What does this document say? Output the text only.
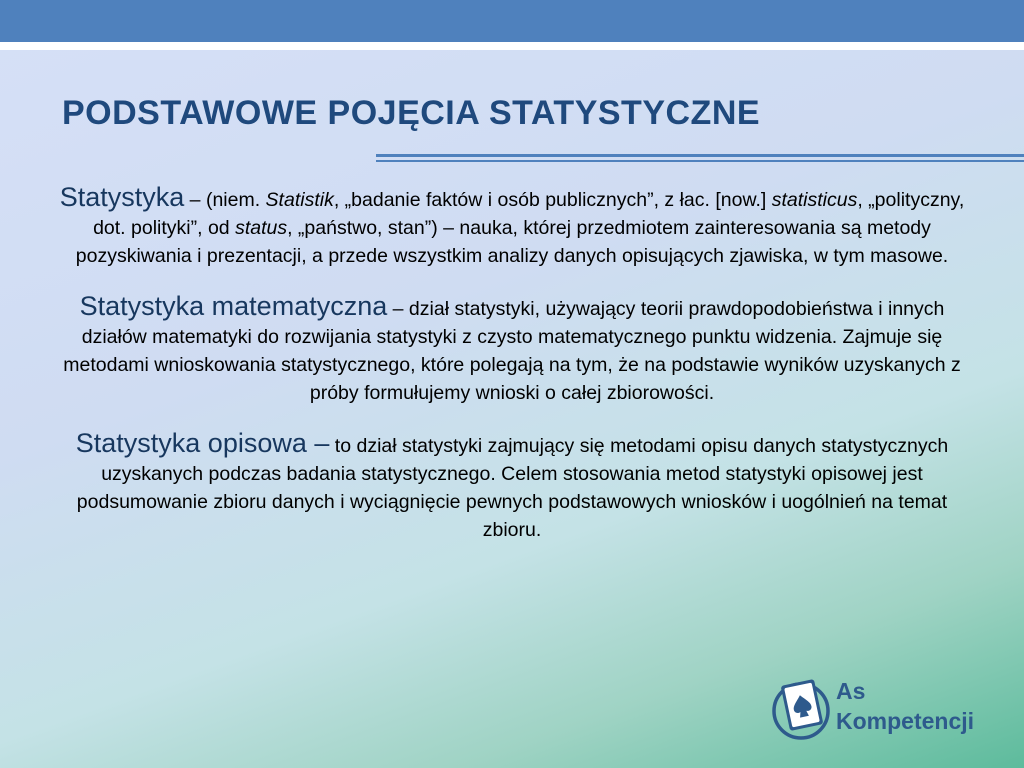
PODSTAWOWE POJĘCIA STATYSTYCZNE

Statystyka – (niem. Statistik, „badanie faktów i osób publicznych”, z łac. [now.] statisticus, „polityczny, dot. polityki”, od status, „państwo, stan”) – nauka, której przedmiotem zainteresowania są metody pozyskiwania i prezentacji, a przede wszystkim analizy danych opisujących zjawiska, w tym masowe.

Statystyka matematyczna – dział statystyki, używający teorii prawdopodobieństwa i innych działów matematyki do rozwijania statystyki z czysto matematycznego punktu widzenia. Zajmuje się metodami wnioskowania statystycznego, które polegają na tym, że na podstawie wyników uzyskanych z próby formułujemy wnioski o całej zbiorowości.

Statystyka opisowa – to dział statystyki zajmujący się metodami opisu danych statystycznych uzyskanych podczas badania statystycznego. Celem stosowania metod statystyki opisowej jest podsumowanie zbioru danych i wyciągnięcie pewnych podstawowych wniosków i uogólnień na temat zbioru.

As
Kompetencji
